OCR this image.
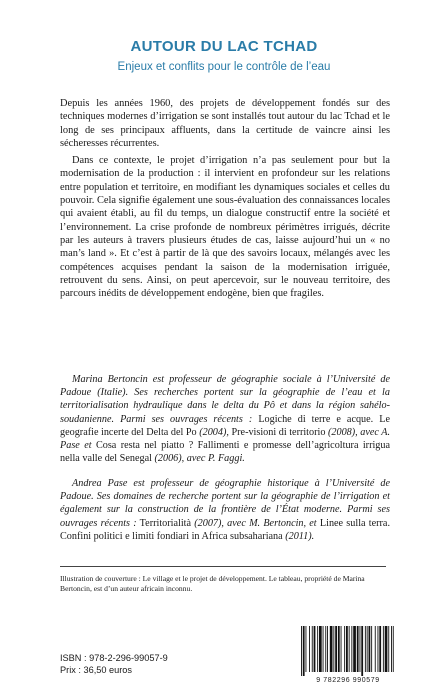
AUTOUR DU LAC TCHAD
Enjeux et conflits pour le contrôle de l’eau

Depuis les années 1960, des projets de développement fondés sur des techniques modernes d’irrigation se sont installés tout autour du lac Tchad et le long de ses principaux affluents, dans la certitude de vaincre ainsi les sécheresses récurrentes.

Dans ce contexte, le projet d’irrigation n’a pas seulement pour but la modernisation de la production : il intervient en profondeur sur les relations entre population et territoire, en modifiant les dynamiques sociales et celles du pouvoir. Cela signifie également une sous-évaluation des connaissances locales qui avaient établi, au fil du temps, un dialogue constructif entre la société et l’environnement. La crise profonde de nombreux périmètres irrigués, décrite par les auteurs à travers plusieurs études de cas, laisse aujourd’hui un « no man’s land ». Et c’est à partir de là que des savoirs locaux, mélangés avec les compétences acquises pendant la saison de la modernisation irriguée, retrouvent du sens. Ainsi, on peut apercevoir, sur le nouveau territoire, des parcours inédits de développement endogène, bien que fragiles.

Marina Bertoncin est professeur de géographie sociale à l’Université de Padoue (Italie). Ses recherches portent sur la géographie de l’eau et la territorialisation hydraulique dans le delta du Pô et dans la région sahélo-soudanienne. Parmi ses ouvrages récents : Logiche di terre e acque. Le geografie incerte del Delta del Po (2004), Pre-visioni di territorio (2008), avec A. Pase et Cosa resta nel piatto ? Fallimenti e promesse dell’agricoltura irrigua nella valle del Senegal (2006), avec P. Faggi.
Andrea Pase est professeur de géographie historique à l’Université de Padoue. Ses domaines de recherche portent sur la géographie de l’irrigation et également sur la construction de la frontière de l’État moderne. Parmi ses ouvrages récents : Territorialità (2007), avec M. Bertoncin, et Linee sulla terra. Confini politici e limiti fondiari in Africa subsahariana (2011).
Illustration de couverture : Le village et le projet de développement. Le tableau, propriété de Marina Bertoncin, est d’un auteur africain inconnu.
ISBN : 978-2-296-99057-9
Prix : 36,50 euros
9 782296 990579
